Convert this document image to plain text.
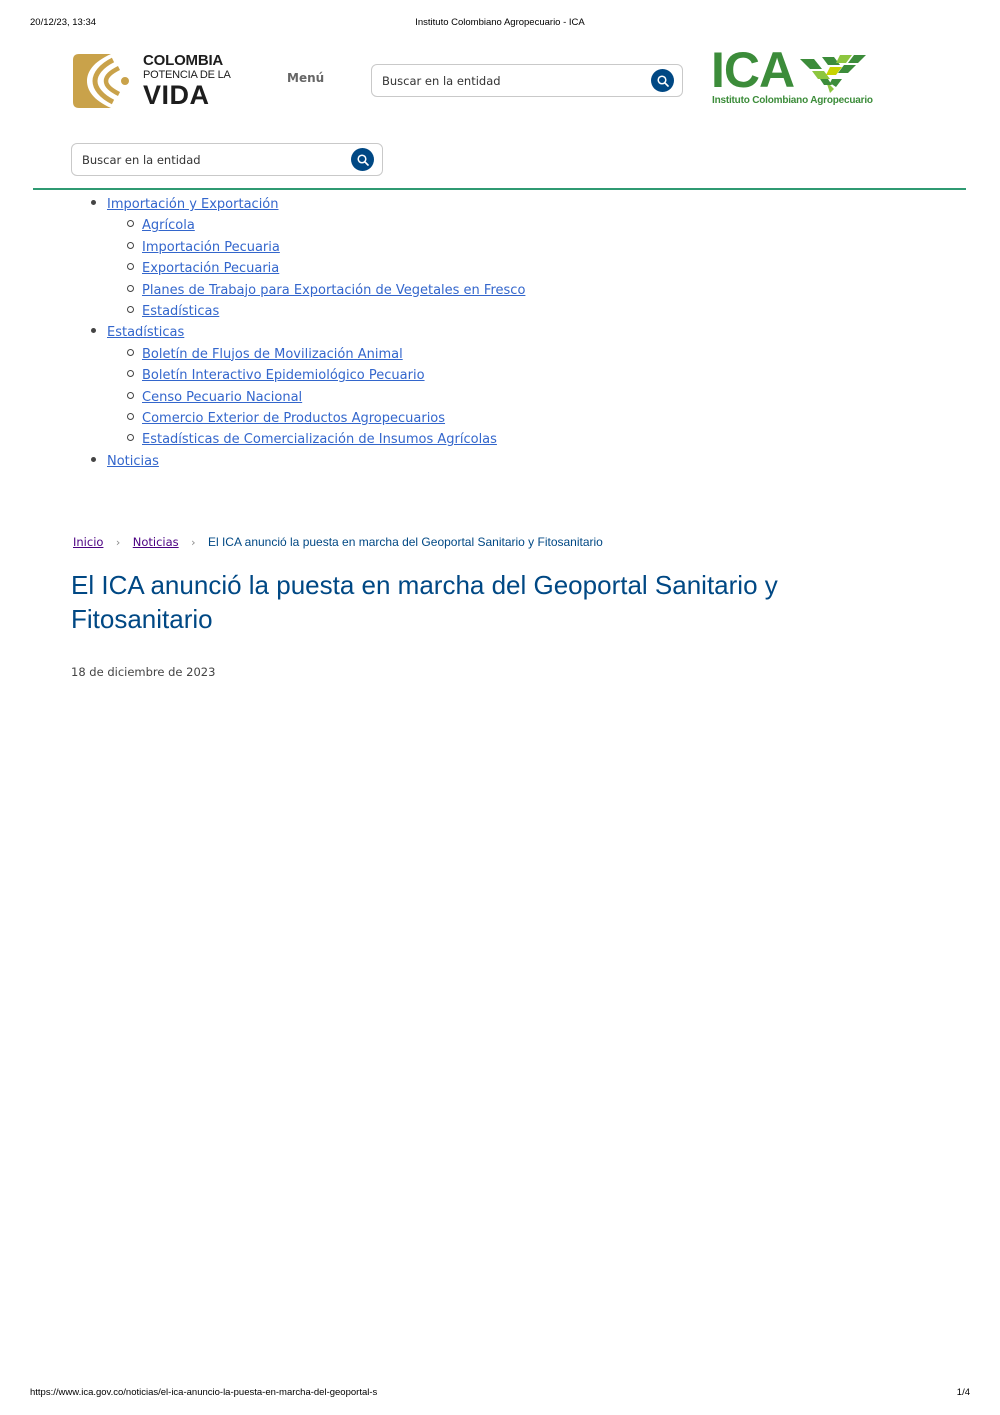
20/12/23, 13:34	Instituto Colombiano Agropecuario - ICA
COLOMBIA
POTENCIA DE LA
VIDA
Menú
Buscar en la entidad	ICA
Instituto Colombiano Agropecuario
Buscar en la entidad
Importación y Exportación
Agrícola
Importación Pecuaria
Exportación Pecuaria
Planes de Trabajo para Exportación de Vegetales en Fresco
Estadísticas
Estadísticas
Boletín de Flujos de Movilización Animal
Boletín Interactivo Epidemiológico Pecuario
Censo Pecuario Nacional
Comercio Exterior de Productos Agropecuarios
Estadísticas de Comercialización de Insumos Agrícolas
Noticias
Inicio › Noticias › El ICA anunció la puesta en marcha del Geoportal Sanitario y Fitosanitario
El ICA anunció la puesta en marcha del Geoportal Sanitario y Fitosanitario
18 de diciembre de 2023
https://www.ica.gov.co/noticias/el-ica-anuncio-la-puesta-en-marcha-del-geoportal-s	1/4
